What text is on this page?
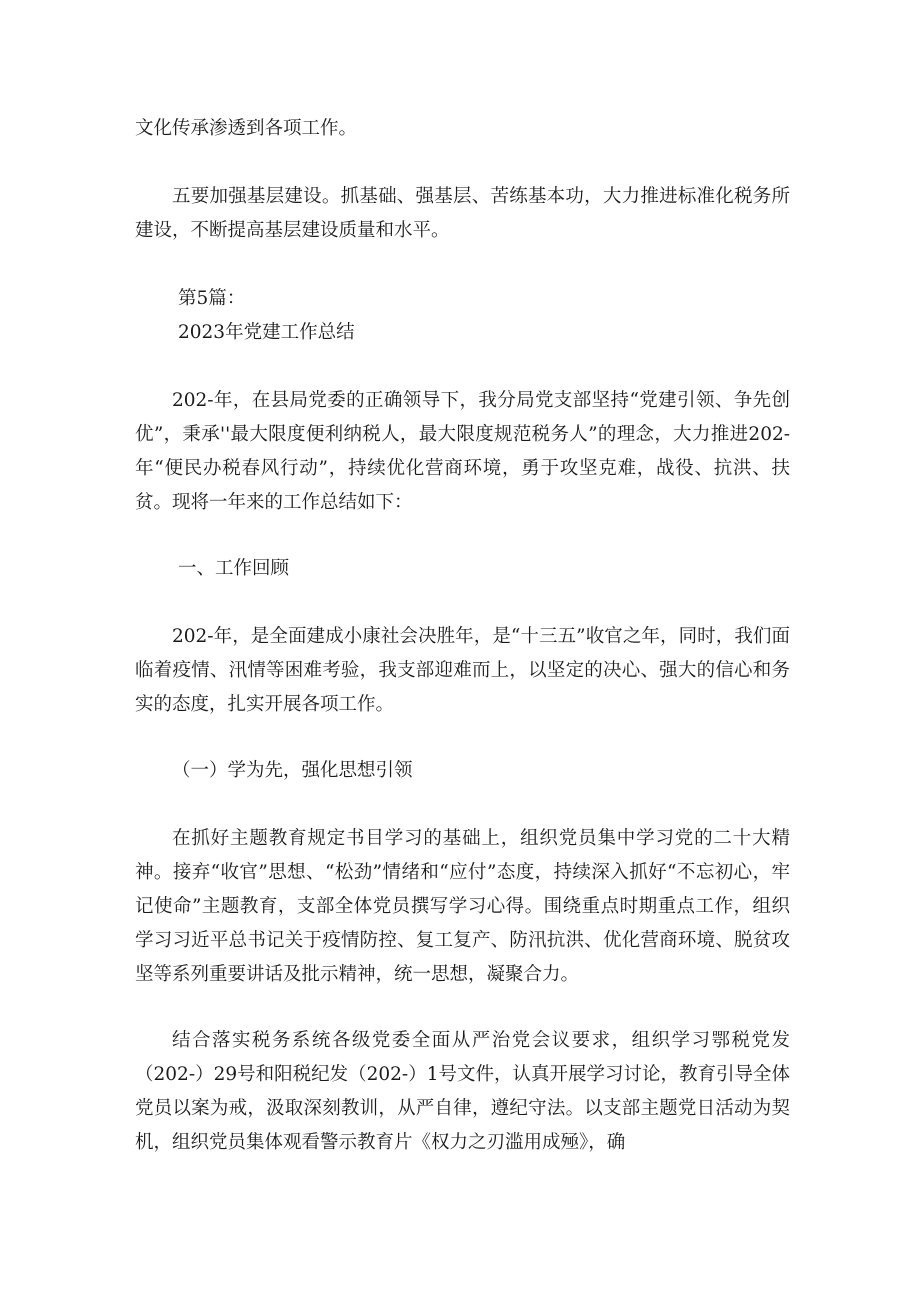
文化传承渗透到各项工作。

五要加强基层建设。抓基础、强基层、苦练基本功，大力推进标准化税务所建设，不断提高基层建设质量和水平。

第5篇：

2023年党建工作总结

202-年，在县局党委的正确领导下，我分局党支部坚持“党建引领、争先创优”，秉承''最大限度便利纳税人，最大限度规范税务人”的理念，大力推进202-年“便民办税春风行动”，持续优化营商环境，勇于攻坚克难，战役、抗洪、扶贫。现将一年来的工作总结如下：

一、工作回顾

202-年，是全面建成小康社会决胜年，是“十三五”收官之年，同时，我们面临着疫情、汛情等困难考验，我支部迎难而上，以坚定的决心、强大的信心和务实的态度，扎实开展各项工作。

（一）学为先，强化思想引领

在抓好主题教育规定书目学习的基础上，组织党员集中学习党的二十大精神。接弃“收官”思想、“松劲”情绪和“应付”态度，持续深入抓好“不忘初心，牢记使命”主题教育，支部全体党员撰写学习心得。围绕重点时期重点工作，组织学习习近平总书记关于疫情防控、复工复产、防汛抗洪、优化营商环境、脱贫攻坚等系列重要讲话及批示精神，统一思想，凝聚合力。

结合落实税务系统各级党委全面从严治党会议要求，组织学习鄂税党发（202-）29号和阳税纪发（202-）1号文件，认真开展学习讨论，教育引导全体党员以案为戒，汲取深刻教训，从严自律，遵纪守法。以支部主题党日活动为契机，组织党员集体观看警示教育片《权力之刃滥用成殛》，确
